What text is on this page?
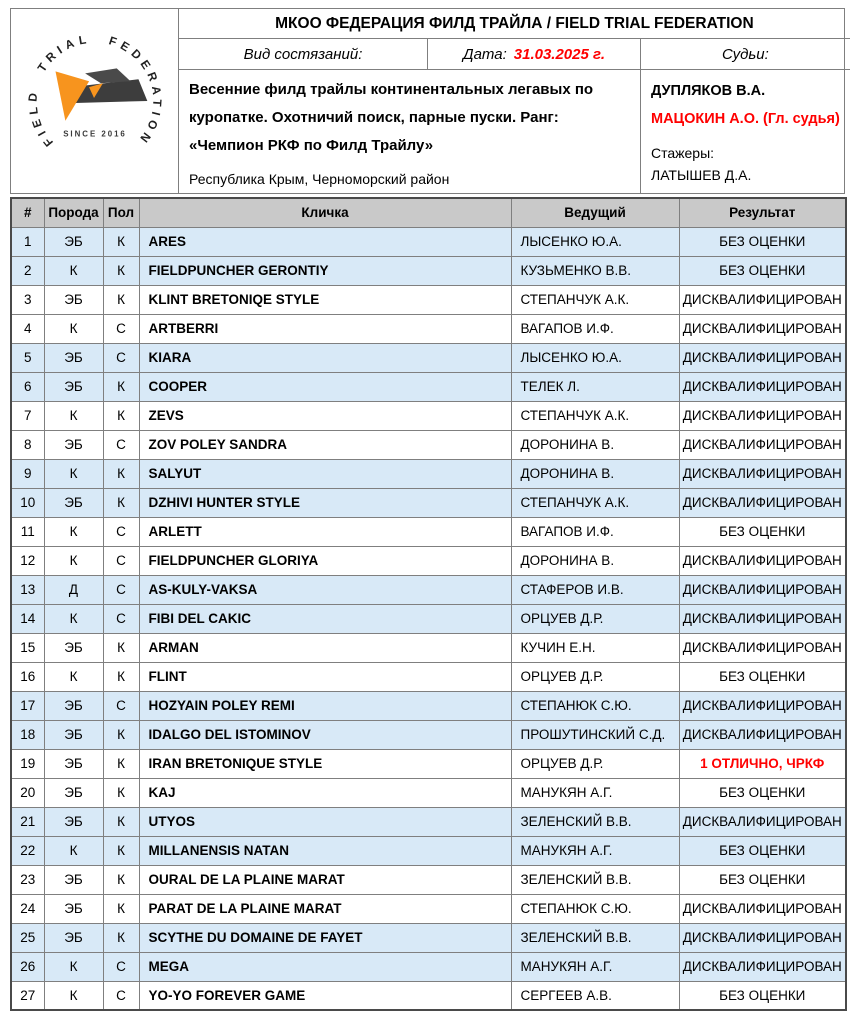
FIELD TRIAL FEDERATION
SINCE 2016
МКОО ФЕДЕРАЦИЯ ФИЛД ТРАЙЛА / FIELD TRIAL FEDERATION
Вид состязаний:	Дата: 31.03.2025 г.	Судьи:
Весенние филд трайлы континентальных легавых по куропатке. Охотничий поиск, парные пуски. Ранг: «Чемпион РКФ по Филд Трайлу»
Республика Крым, Черноморский район
ДУПЛЯКОВ В.А.
МАЦОКИН А.О. (Гл. судья)
Стажеры:
ЛАТЫШЕВ Д.А.
#	Порода	Пол	Кличка	Ведущий	Результат
1	ЭБ	К	ARES	ЛЫСЕНКО Ю.А.	БЕЗ ОЦЕНКИ
2	К	К	FIELDPUNCHER GERONTIY	КУЗЬМЕНКО В.В.	БЕЗ ОЦЕНКИ
3	ЭБ	К	KLINT BRETONIQE STYLE	СТЕПАНЧУК А.К.	ДИСКВАЛИФИЦИРОВАН
4	К	С	ARTBERRI	ВАГАПОВ И.Ф.	ДИСКВАЛИФИЦИРОВАН
5	ЭБ	С	KIARA	ЛЫСЕНКО Ю.А.	ДИСКВАЛИФИЦИРОВАН
6	ЭБ	К	COOPER	ТЕЛЕК Л.	ДИСКВАЛИФИЦИРОВАН
7	К	К	ZEVS	СТЕПАНЧУК А.К.	ДИСКВАЛИФИЦИРОВАН
8	ЭБ	С	ZOV POLEY SANDRA	ДОРОНИНА В.	ДИСКВАЛИФИЦИРОВАН
9	К	К	SALYUT	ДОРОНИНА В.	ДИСКВАЛИФИЦИРОВАН
10	ЭБ	К	DZHIVI HUNTER STYLE	СТЕПАНЧУК А.К.	ДИСКВАЛИФИЦИРОВАН
11	К	С	ARLETT	ВАГАПОВ И.Ф.	БЕЗ ОЦЕНКИ
12	К	С	FIELDPUNCHER GLORIYA	ДОРОНИНА В.	ДИСКВАЛИФИЦИРОВАН
13	Д	С	AS-KULY-VAKSA	СТАФЕРОВ И.В.	ДИСКВАЛИФИЦИРОВАН
14	К	С	FIBI DEL CAKIC	ОРЦУЕВ Д.Р.	ДИСКВАЛИФИЦИРОВАН
15	ЭБ	К	ARMAN	КУЧИН Е.Н.	ДИСКВАЛИФИЦИРОВАН
16	К	К	FLINT	ОРЦУЕВ Д.Р.	БЕЗ ОЦЕНКИ
17	ЭБ	С	HOZYAIN POLEY REMI	СТЕПАНЮК С.Ю.	ДИСКВАЛИФИЦИРОВАН
18	ЭБ	К	IDALGO DEL ISTOMINOV	ПРОШУТИНСКИЙ С.Д.	ДИСКВАЛИФИЦИРОВАН
19	ЭБ	К	IRAN BRETONIQUE STYLE	ОРЦУЕВ Д.Р.	1 ОТЛИЧНО, ЧРКФ
20	ЭБ	К	KAJ	МАНУКЯН А.Г.	БЕЗ ОЦЕНКИ
21	ЭБ	К	UTYOS	ЗЕЛЕНСКИЙ В.В.	ДИСКВАЛИФИЦИРОВАН
22	К	К	MILLANENSIS NATAN	МАНУКЯН А.Г.	БЕЗ ОЦЕНКИ
23	ЭБ	К	OURAL DE LA PLAINE MARAT	ЗЕЛЕНСКИЙ В.В.	БЕЗ ОЦЕНКИ
24	ЭБ	К	PARAT DE LA PLAINE MARAT	СТЕПАНЮК С.Ю.	ДИСКВАЛИФИЦИРОВАН
25	ЭБ	К	SCYTHE DU DOMAINE DE FAYET	ЗЕЛЕНСКИЙ В.В.	ДИСКВАЛИФИЦИРОВАН
26	К	С	MEGA	МАНУКЯН А.Г.	ДИСКВАЛИФИЦИРОВАН
27	К	С	YO-YO FOREVER GAME	СЕРГЕЕВ А.В.	БЕЗ ОЦЕНКИ
